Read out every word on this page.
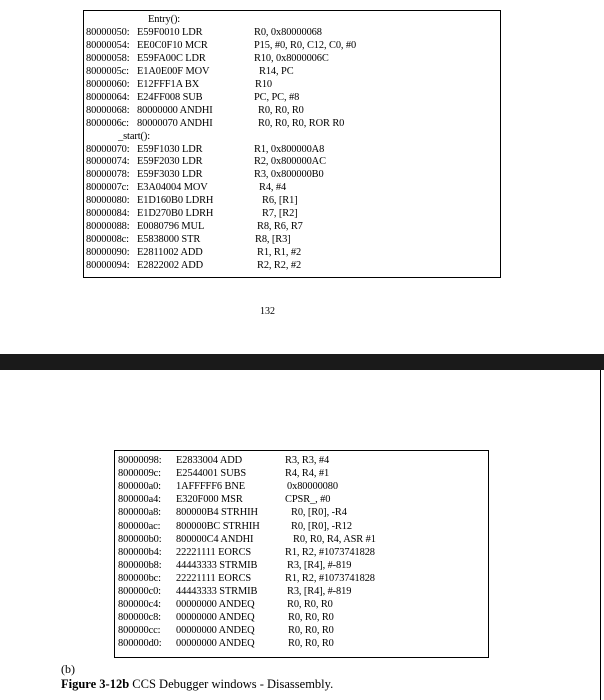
Entry():
80000050: E59F0010 LDR	R0, 0x80000068
80000054: EE0C0F10 MCR	P15, #0, R0, C12, C0, #0
80000058: E59FA00C LDR	R10, 0x8000006C
8000005c: E1A0E00F MOV	R14, PC
80000060: E12FFF1A BX	R10
80000064: E24FF008 SUB	PC, PC, #8
80000068: 80000000 ANDHI	R0, R0, R0
8000006c: 80000070 ANDHI	R0, R0, R0, ROR R0
_start():
80000070: E59F1030 LDR	R1, 0x800000A8
80000074: E59F2030 LDR	R2, 0x800000AC
80000078: E59F3030 LDR	R3, 0x800000B0
8000007c: E3A04004 MOV	R4, #4
80000080: E1D160B0 LDRH	R6, [R1]
80000084: E1D270B0 LDRH	R7, [R2]
80000088: E0080796 MUL	R8, R6, R7
8000008c: E5838000 STR	R8, [R3]
80000090: E2811002 ADD	R1, R1, #2
80000094: E2822002 ADD	R2, R2, #2
132
80000098: E2833004 ADD	R3, R3, #4
8000009c: E2544001 SUBS	R4, R4, #1
800000a0: 1AFFFFF6 BNE	0x80000080
800000a4: E320F000 MSR	CPSR_, #0
800000a8: 800000B4 STRHIH	R0, [R0], -R4
800000ac: 800000BC STRHIH	R0, [R0], -R12
800000b0: 800000C4 ANDHI	R0, R0, R4, ASR #1
800000b4: 22221111 EORCS	R1, R2, #1073741828
800000b8: 44443333 STRMIB	R3, [R4], #-819
800000bc: 22221111 EORCS	R1, R2, #1073741828
800000c0: 44443333 STRMIB	R3, [R4], #-819
800000c4: 00000000 ANDEQ	R0, R0, R0
800000c8: 00000000 ANDEQ	R0, R0, R0
800000cc: 00000000 ANDEQ	R0, R0, R0
800000d0: 00000000 ANDEQ	R0, R0, R0
(b)
Figure 3-12b CCS Debugger windows - Disassembly.
